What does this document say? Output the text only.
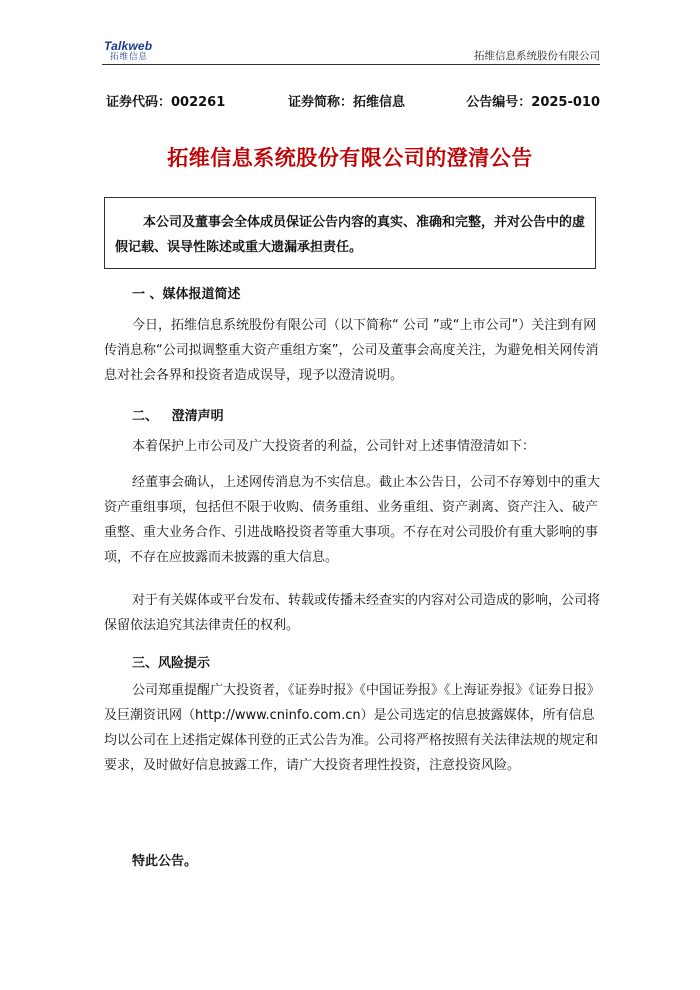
Talkweb
拓维信息	拓维信息系统股份有限公司
证券代码：002261	证券简称：拓维信息	公告编号：2025-010
拓维信息系统股份有限公司的澄清公告
本公司及董事会全体成员保证公告内容的真实、准确和完整，并对公告中的虚假记载、误导性陈述或重大遗漏承担责任。
一 、媒体报道简述
今日，拓维信息系统股份有限公司（以下简称“ 公司 ”或“上市公司”）关注到有网传消息称“公司拟调整重大资产重组方案”，公司及董事会高度关注，为避免相关网传消息对社会各界和投资者造成误导，现予以澄清说明。
二、   澄清声明
本着保护上市公司及广大投资者的利益，公司针对上述事情澄清如下：
经董事会确认，上述网传消息为不实信息。截止本公告日，公司不存筹划中的重大资产重组事项，包括但不限于收购、债务重组、业务重组、资产剥离、资产注入、破产重整、重大业务合作、引进战略投资者等重大事项。不存在对公司股价有重大影响的事项，不存在应披露而未披露的重大信息。
对于有关媒体或平台发布、转载或传播未经查实的内容对公司造成的影响，公司将保留依法追究其法律责任的权利。
三、风险提示
公司郑重提醒广大投资者，《证券时报》《中国证券报》《上海证券报》《证券日报》及巨潮资讯网（http://www.cninfo.com.cn）是公司选定的信息披露媒体，所有信息均以公司在上述指定媒体刊登的正式公告为准。公司将严格按照有关法律法规的规定和要求，及时做好信息披露工作，请广大投资者理性投资，注意投资风险。
特此公告。
